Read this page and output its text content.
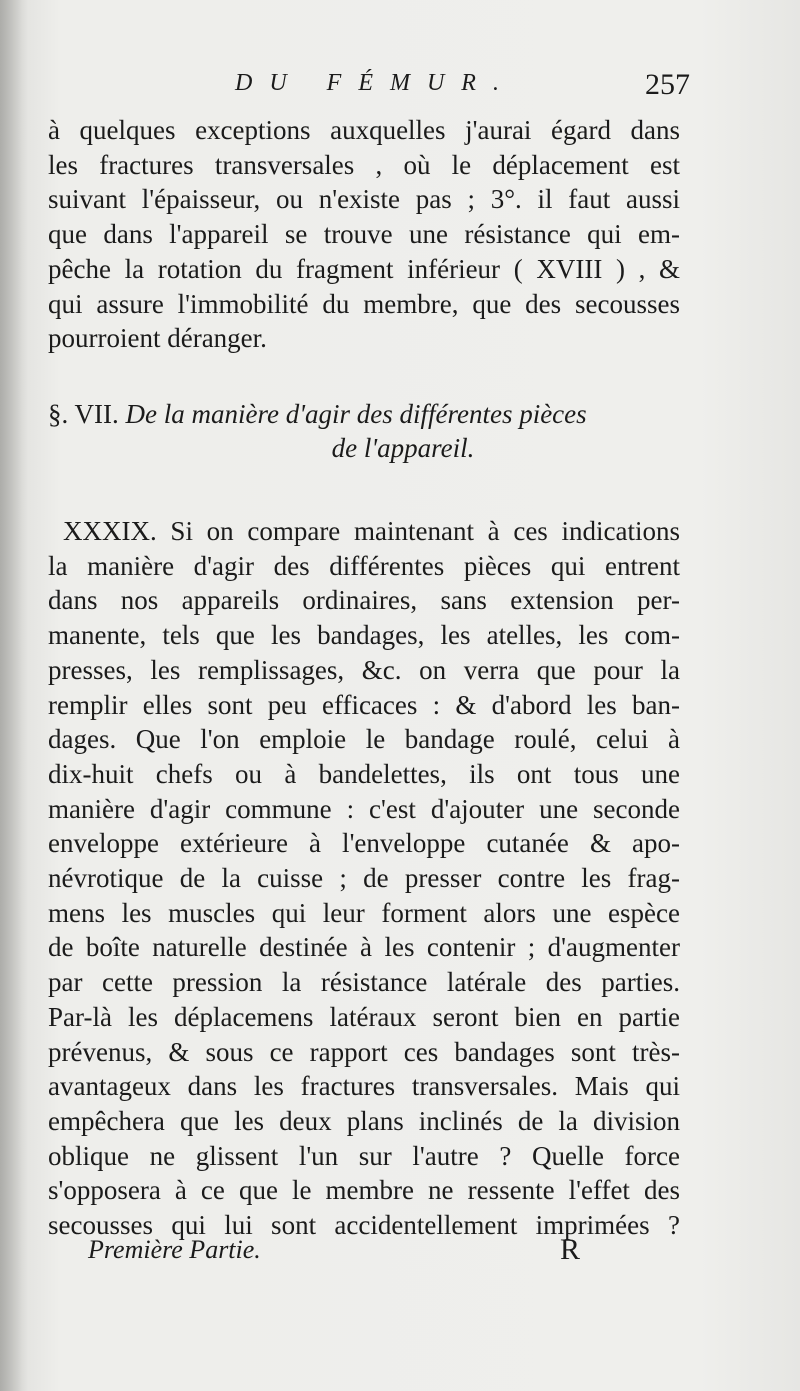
DU FÉMUR.	257
à quelques exceptions auxquelles j'aurai égard dans
les fractures transversales , où le déplacement est
suivant l'épaisseur, ou n'existe pas ; 3°. il faut aussi
que dans l'appareil se trouve une résistance qui em-
pêche la rotation du fragment inférieur ( XVIII ) , &
qui assure l'immobilité du membre, que des secousses
pourroient déranger.
§. VII. De la manière d'agir des différentes pièces
de l'appareil.
XXXIX. Si on compare maintenant à ces indications
la manière d'agir des différentes pièces qui entrent
dans nos appareils ordinaires, sans extension per-
manente, tels que les bandages, les atelles, les com-
presses, les remplissages, &c. on verra que pour la
remplir elles sont peu efficaces : & d'abord les ban-
dages. Que l'on emploie le bandage roulé, celui à
dix-huit chefs ou à bandelettes, ils ont tous une
manière d'agir commune : c'est d'ajouter une seconde
enveloppe extérieure à l'enveloppe cutanée & apo-
névrotique de la cuisse ; de presser contre les frag-
mens les muscles qui leur forment alors une espèce
de boîte naturelle destinée à les contenir ; d'augmenter
par cette pression la résistance latérale des parties.
Par-là les déplacemens latéraux seront bien en partie
prévenus, & sous ce rapport ces bandages sont très-
avantageux dans les fractures transversales. Mais qui
empêchera que les deux plans inclinés de la division
oblique ne glissent l'un sur l'autre ? Quelle force
s'opposera à ce que le membre ne ressente l'effet des
secousses qui lui sont accidentellement imprimées ?
Première Partie.	R
